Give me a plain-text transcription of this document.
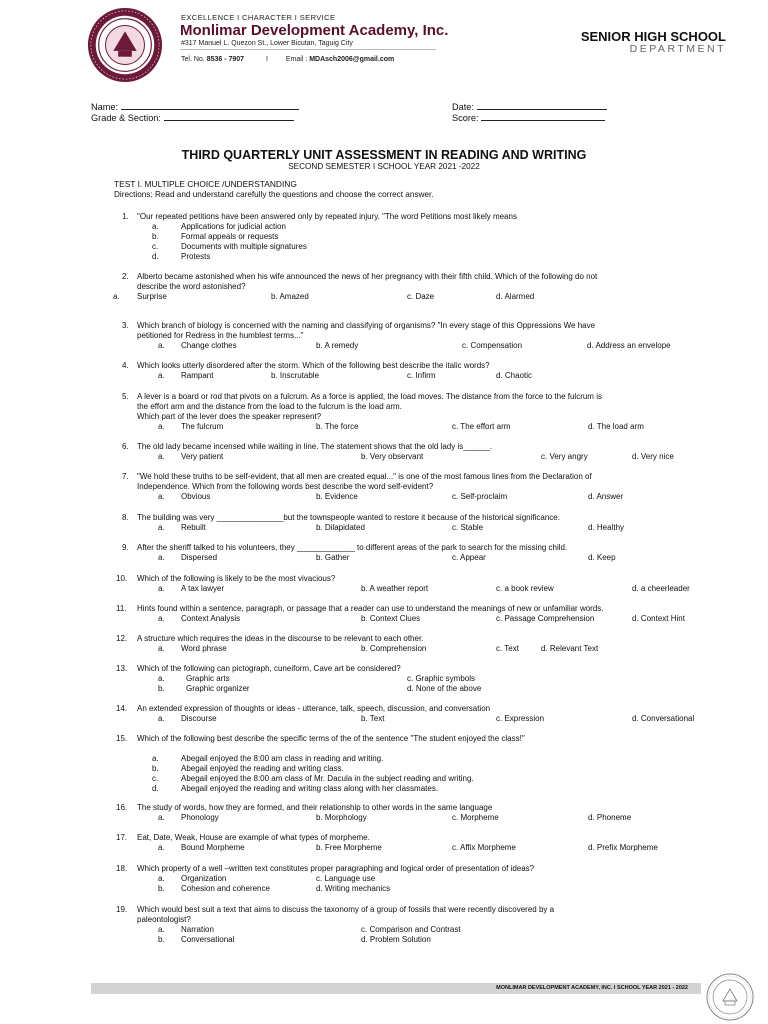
EXCELLENCE I CHARACTER I SERVICE
Monlimar Development Academy, Inc.
#317 Manuel L. Quezon St., Lower Bicutan, Taguig City
Tel. No. 8536 - 7907	I	Email : MDAsch2006@gmail.com
SENIOR HIGH SCHOOL
DEPARTMENT
Name:
Grade & Section:
Date:
Score:
THIRD QUARTERLY UNIT ASSESSMENT IN READING AND WRITING
SECOND SEMESTER I SCHOOL YEAR 2021 -2022
TEST I. MULTIPLE CHOICE /UNDERSTANDING
Directions: Read and understand carefully the questions and choose the correct answer.
1. "Our repeated petitions have been answered only by repeated injury. "The word Petitions most likely means
a.	Applications for judicial action
b.	Formal appeals or requests
c.	Documents with multiple signatures
d.	Protests
2. Alberto became astonished when his wife announced the news of her pregnancy with their fifth child. Which of the following do not
describe the word astonished?
a. Surprise	b. Amazed	c. Daze	d. Alarmed
3. Which branch of biology is concerned with the naming and classifying of organisms? "In every stage of this Oppressions We have
petitioned for Redress in the humblest terms..."
a. Change clothes	b. A remedy	c. Compensation	d. Address an envelope
4. Which looks utterly disordered after the storm. Which of the following best describe the italic words?
a. Rampant	b. Inscrutable	c. Infirm	d. Chaotic
5. A lever is a board or rod that pivots on a fulcrum. As a force is applied, the load moves. The distance from the force to the fulcrum is
the effort arm and the distance from the load to the fulcrum is the load arm.
Which part of the lever does the speaker represent?
a. The fulcrum	b. The force	c. The effort arm	d. The load arm
6. The old lady became incensed while waiting in line. The statement shows that the old lady is______.
a. Very patient	b. Very observant	c. Very angry	d. Very nice
7. "We hold these truths to be self-evident, that all men are created equal..." is one of the most famous lines from the Declaration of
Independence. Which from the following words best describe the word self-evident?
a. Obvious	b. Evidence	c. Self-proclaim	d. Answer
8. The building was very _______________but the townspeople wanted to restore it because of the historical significance.
a. Rebuilt	b. Dilapidated	c. Stable	d. Healthy
9. After the sheriff talked to his volunteers, they _____________ to different areas of the park to search for the missing child.
a. Dispersed	b. Gather	c. Appear	d. Keep
10. Which of the following is likely to be the most vivacious?
a. A tax lawyer	b. A weather report	c. a book review	d. a cheerleader
11. Hints found within a sentence, paragraph, or passage that a reader can use to understand the meanings of new or unfamiliar words.
a. Context Analysis	b. Context Clues	c. Passage Comprehension	d. Context Hint
12. A structure which requires the ideas in the discourse to be relevant to each other.
a. Word phrase	b. Comprehension	c. Text	d. Relevant Text
13. Which of the following can pictograph, cuneiform, Cave art be considered?
a.	Graphic arts	c. Graphic symbols
b.	Graphic organizer	d. None of the above
14. An extended expression of thoughts or ideas - utterance, talk, speech, discussion, and conversation
a. Discourse	b. Text	c. Expression	d. Conversational
15. Which of the following best describe the specific terms of the of the sentence "The student enjoyed the class!"
a.	Abegail enjoyed the 8:00 am class in reading and writing.
b.	Abegail enjoyed the reading and writing class.
c.	Abegail enjoyed the 8:00 am class of Mr. Dacula in the subject reading and writing.
d.	Abegail enjoyed the reading and writing class along with her classmates.
16. The study of words, how they are formed, and their relationship to other words in the same language
a. Phonology	b. Morphology	c. Morpheme	d. Phoneme
17. Eat, Date, Weak, House are example of what types of morpheme.
a. Bound Morpheme	b. Free Morpheme	c. Affix Morpheme	d. Prefix Morpheme
18. Which property of a well –written text constitutes proper paragraphing and logical order of presentation of ideas?
a. Organization	c. Language use
b. Cohesion and coherence	d. Writing mechanics
19. Which would best suit a text that aims to discuss the taxonomy of a group of fossils that were recently discovered by a
paleontologist?
a. Narration	c. Comparison and Contrast
b. Conversational	d. Problem Solution
MONLIMAR DEVELOPMENT ACADEMY, INC. I SCHOOL YEAR 2021 - 2022
